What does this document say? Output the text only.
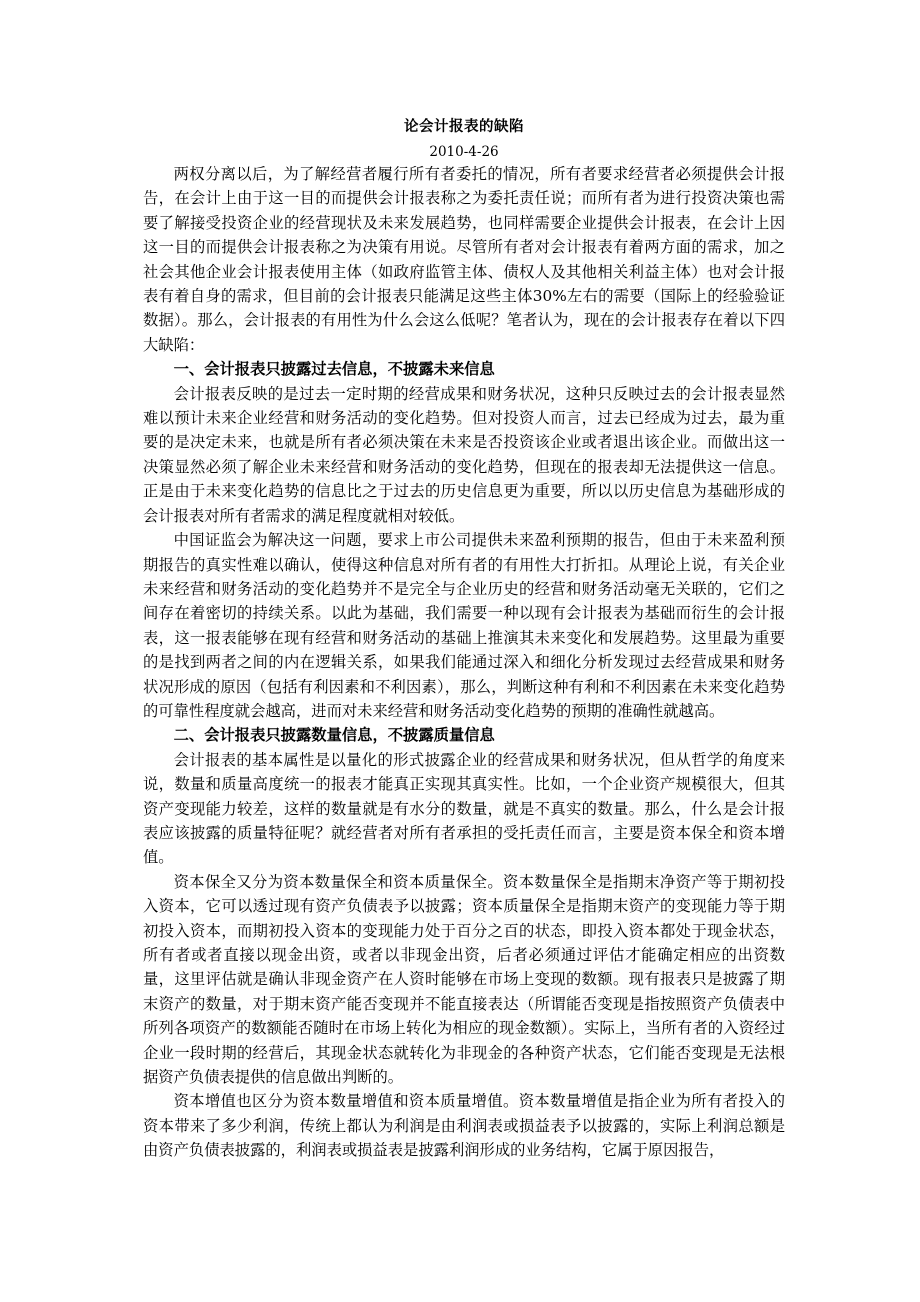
论会计报表的缺陷
2010-4-26

两权分离以后，为了解经营者履行所有者委托的情况，所有者要求经营者必须提供会计报告，在会计上由于这一目的而提供会计报表称之为委托责任说；而所有者为进行投资决策也需要了解接受投资企业的经营现状及未来发展趋势，也同样需要企业提供会计报表，在会计上因这一目的而提供会计报表称之为决策有用说。尽管所有者对会计报表有着两方面的需求，加之社会其他企业会计报表使用主体（如政府监管主体、债权人及其他相关利益主体）也对会计报表有着自身的需求，但目前的会计报表只能满足这些主体30%左右的需要（国际上的经验验证数据）。那么，会计报表的有用性为什么会这么低呢？笔者认为，现在的会计报表存在着以下四大缺陷：

一、会计报表只披露过去信息，不披露未来信息

会计报表反映的是过去一定时期的经营成果和财务状况，这种只反映过去的会计报表显然难以预计未来企业经营和财务活动的变化趋势。但对投资人而言，过去已经成为过去，最为重要的是决定未来，也就是所有者必须决策在未来是否投资该企业或者退出该企业。而做出这一决策显然必须了解企业未来经营和财务活动的变化趋势，但现在的报表却无法提供这一信息。正是由于未来变化趋势的信息比之于过去的历史信息更为重要，所以以历史信息为基础形成的会计报表对所有者需求的满足程度就相对较低。

中国证监会为解决这一问题，要求上市公司提供未来盈利预期的报告，但由于未来盈利预期报告的真实性难以确认，使得这种信息对所有者的有用性大打折扣。从理论上说，有关企业未来经营和财务活动的变化趋势并不是完全与企业历史的经营和财务活动毫无关联的，它们之间存在着密切的持续关系。以此为基础，我们需要一种以现有会计报表为基础而衍生的会计报表，这一报表能够在现有经营和财务活动的基础上推演其未来变化和发展趋势。这里最为重要的是找到两者之间的内在逻辑关系，如果我们能通过深入和细化分析发现过去经营成果和财务状况形成的原因（包括有利因素和不利因素），那么，判断这种有利和不利因素在未来变化趋势的可靠性程度就会越高，进而对未来经营和财务活动变化趋势的预期的准确性就越高。

二、会计报表只披露数量信息，不披露质量信息

会计报表的基本属性是以量化的形式披露企业的经营成果和财务状况，但从哲学的角度来说，数量和质量高度统一的报表才能真正实现其真实性。比如，一个企业资产规模很大，但其资产变现能力较差，这样的数量就是有水分的数量，就是不真实的数量。那么，什么是会计报表应该披露的质量特征呢？就经营者对所有者承担的受托责任而言，主要是资本保全和资本增值。

资本保全又分为资本数量保全和资本质量保全。资本数量保全是指期末净资产等于期初投入资本，它可以透过现有资产负债表予以披露；资本质量保全是指期末资产的变现能力等于期初投入资本，而期初投入资本的变现能力处于百分之百的状态，即投入资本都处于现金状态，所有者或者直接以现金出资，或者以非现金出资，后者必须通过评估才能确定相应的出资数量，这里评估就是确认非现金资产在人资时能够在市场上变现的数额。现有报表只是披露了期末资产的数量，对于期末资产能否变现并不能直接表达（所谓能否变现是指按照资产负债表中所列各项资产的数额能否随时在市场上转化为相应的现金数额）。实际上，当所有者的入资经过企业一段时期的经营后，其现金状态就转化为非现金的各种资产状态，它们能否变现是无法根据资产负债表提供的信息做出判断的。

资本增值也区分为资本数量增值和资本质量增值。资本数量增值是指企业为所有者投入的资本带来了多少利润，传统上都认为利润是由利润表或损益表予以披露的，实际上利润总额是由资产负债表披露的，利润表或损益表是披露利润形成的业务结构，它属于原因报告，
